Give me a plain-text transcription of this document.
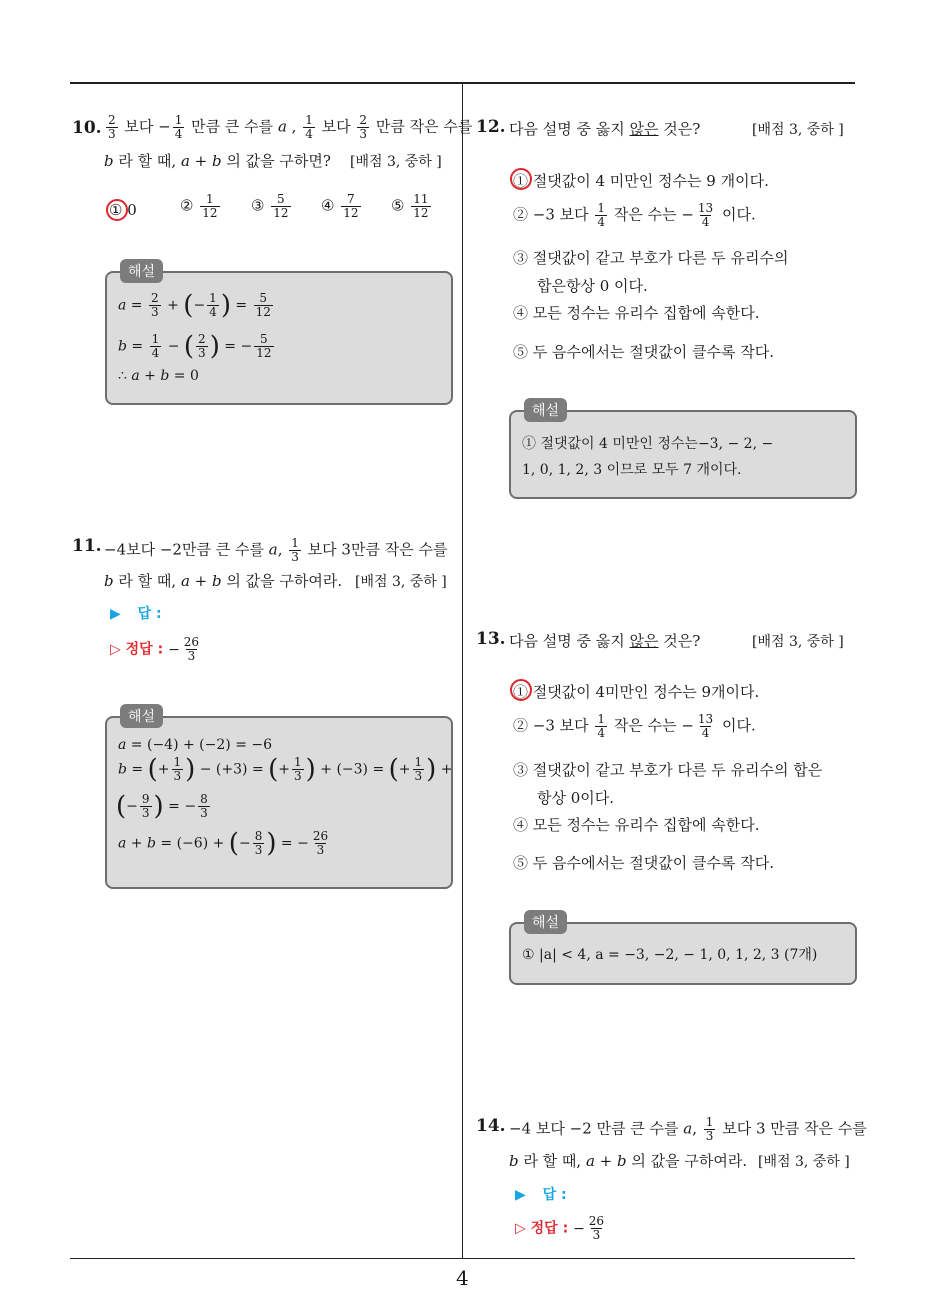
10. $\frac{2}{3}$ 보다 − $\frac{1}{4}$ 만큼 큰 수를 a , $\frac{1}{4}$ 보다 $\frac{2}{3}$ 만큼 작은 수를
b 라 할 때, a + b 의 값을 구하면? [배점 3, 중하 ]
① 0	② $\frac{1}{12}$ ③ $\frac{5}{12}$ ④ $\frac{7}{12}$ ⑤ $\frac{11}{12}$
해설
$a = \frac{2}{3}$ + (− $\frac{1}{4}$ ) = $\frac{5}{12}$
$b = \frac{1}{4}$ − ( $\frac{2}{3}$ ) = − $\frac{5}{12}$
∴ a + b = 0
11. −4보다 −2만큼 큰 수를 a, $\frac{1}{3}$ 보다 3만큼 작은 수를
b 라 할 때, a + b 의 값을 구하여라. [배점 3, 중하 ]
▶ 답 :
▷ 정답 : − $\frac{26}{3}$
해설
a = (−4) + (−2) = −6
b = (+ $\frac{1}{3}$ ) − (+3) = (+ $\frac{1}{3}$ ) + (−3) = (+ $\frac{1}{3}$ ) +
(− $\frac{9}{3}$ ) = − $\frac{8}{3}$
a + b = (−6) + (− $\frac{8}{3}$ ) = − $\frac{26}{3}$
12. 다음 설명 중 옳지 않은 것은?	[배점 3, 중하 ]
① 절댓값이 4 미만인 정수는 9 개이다.
② −3 보다 $\frac{1}{4}$ 작은 수는 − $\frac{13}{4}$ 이다.
③ 절댓값이 같고 부호가 다른 두 유리수의
합은항상 0 이다.
④ 모든 정수는 유리수 집합에 속한다.
⑤ 두 음수에서는 절댓값이 클수록 작다.
해설
① 절댓값이 4 미만인 정수는−3, − 2, −
1, 0, 1, 2, 3 이므로 모두 7 개이다.
13. 다음 설명 중 옳지 않은 것은?	[배점 3, 중하 ]
① 절댓값이 4미만인 정수는 9개이다.
② −3 보다 $\frac{1}{4}$ 작은 수는 − $\frac{13}{4}$ 이다.
③ 절댓값이 같고 부호가 다른 두 유리수의 합은
항상 0이다.
④ 모든 정수는 유리수 집합에 속한다.
⑤ 두 음수에서는 절댓값이 클수록 작다.
해설
① |a| < 4, a = −3, −2, − 1, 0, 1, 2, 3 (7개)
14. −4 보다 −2 만큼 큰 수를 a, $\frac{1}{3}$ 보다 3 만큼 작은 수를
b 라 할 때, a + b 의 값을 구하여라. [배점 3, 중하 ]
▶ 답 :
▷ 정답 : − $\frac{26}{3}$
4
